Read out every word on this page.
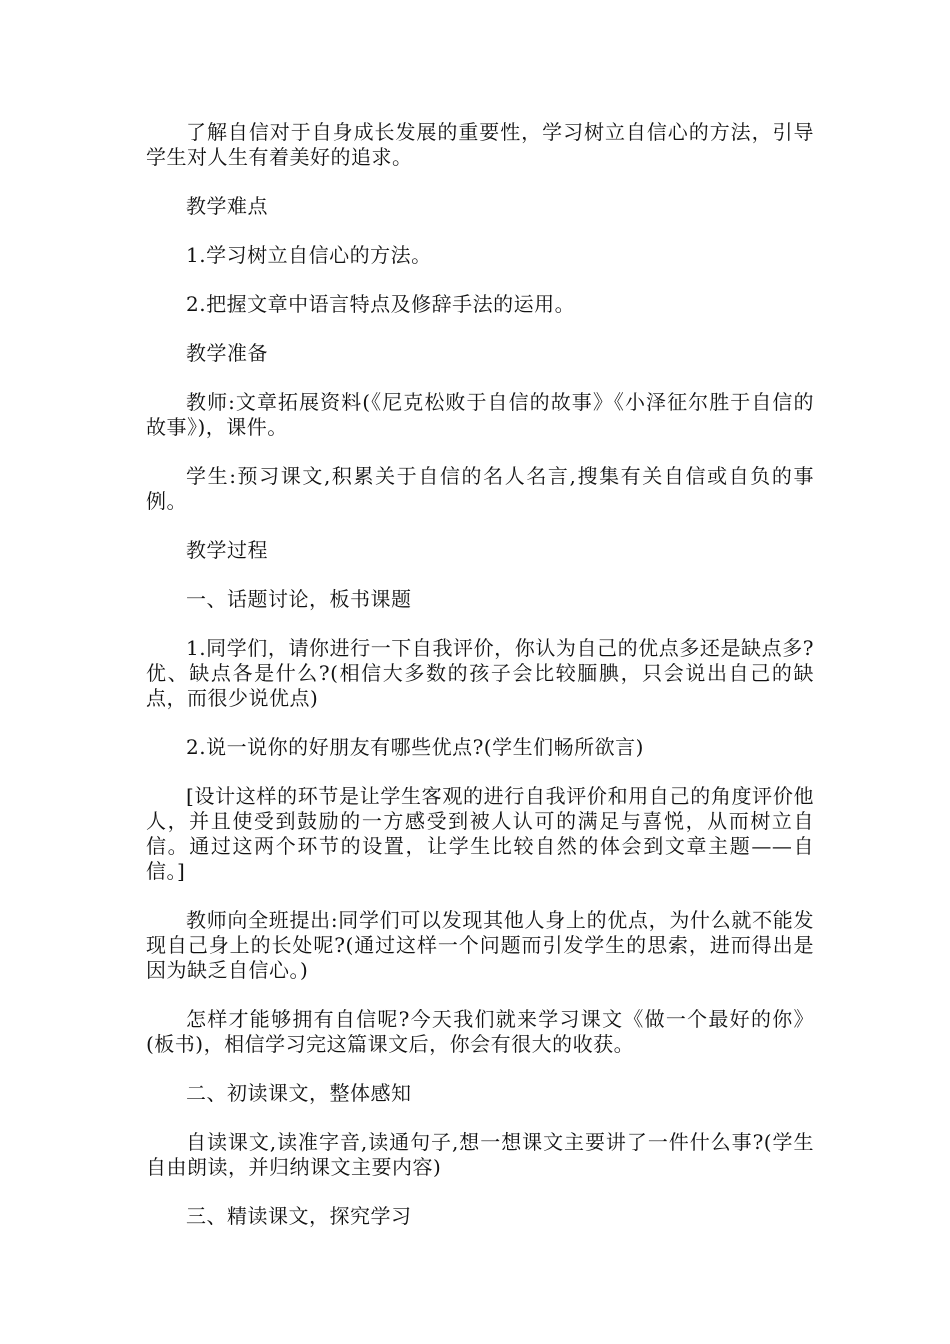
了解自信对于自身成长发展的重要性，学习树立自信心的方法，引导学生对人生有着美好的追求。

教学难点

1.学习树立自信心的方法。

2.把握文章中语言特点及修辞手法的运用。

教学准备

教师:文章拓展资料(《尼克松败于自信的故事》《小泽征尔胜于自信的故事》)，课件。

学生:预习课文,积累关于自信的名人名言,搜集有关自信或自负的事例。

教学过程

一、话题讨论，板书课题

1.同学们，请你进行一下自我评价，你认为自己的优点多还是缺点多?优、缺点各是什么?(相信大多数的孩子会比较腼腆，只会说出自己的缺点，而很少说优点)

2.说一说你的好朋友有哪些优点?(学生们畅所欲言)

[设计这样的环节是让学生客观的进行自我评价和用自己的角度评价他人，并且使受到鼓励的一方感受到被人认可的满足与喜悦，从而树立自信。通过这两个环节的设置，让学生比较自然的体会到文章主题——自信。]

教师向全班提出:同学们可以发现其他人身上的优点，为什么就不能发现自己身上的长处呢?(通过这样一个问题而引发学生的思索，进而得出是因为缺乏自信心。)

怎样才能够拥有自信呢?今天我们就来学习课文《做一个最好的你》(板书)，相信学习完这篇课文后，你会有很大的收获。

二、初读课文，整体感知

自读课文,读准字音,读通句子,想一想课文主要讲了一件什么事?(学生自由朗读，并归纳课文主要内容)

三、精读课文，探究学习
